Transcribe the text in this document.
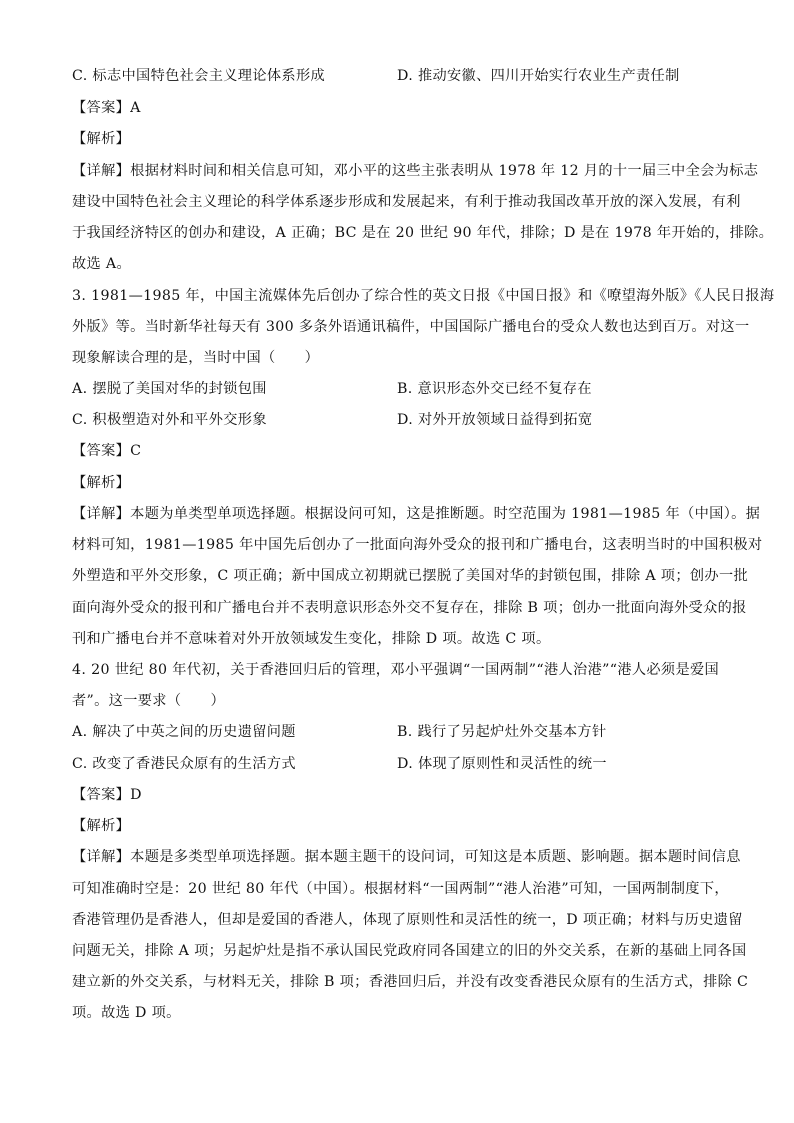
C. 标志中国特色社会主义理论体系形成	D. 推动安徽、四川开始实行农业生产责任制
【答案】A
【解析】
【详解】根据材料时间和相关信息可知，邓小平的这些主张表明从 1978 年 12 月的十一届三中全会为标志
建设中国特色社会主义理论的科学体系逐步形成和发展起来，有利于推动我国改革开放的深入发展，有利
于我国经济特区的创办和建设，A 正确；BC 是在 20 世纪 90 年代，排除；D 是在 1978 年开始的，排除。
故选 A。
3. 1981—1985 年，中国主流媒体先后创办了综合性的英文日报《中国日报》和《嘹望海外版》《人民日报海
外版》等。当时新华社每天有 300 多条外语通讯稿件，中国国际广播电台的受众人数也达到百万。对这一
现象解读合理的是，当时中国（　　）
A. 摆脱了美国对华的封锁包围	B. 意识形态外交已经不复存在
C. 积极塑造对外和平外交形象	D. 对外开放领域日益得到拓宽
【答案】C
【解析】
【详解】本题为单类型单项选择题。根据设问可知，这是推断题。时空范围为 1981—1985 年（中国）。据
材料可知，1981—1985 年中国先后创办了一批面向海外受众的报刊和广播电台，这表明当时的中国积极对
外塑造和平外交形象，C 项正确；新中国成立初期就已摆脱了美国对华的封锁包围，排除 A 项；创办一批
面向海外受众的报刊和广播电台并不表明意识形态外交不复存在，排除 B 项；创办一批面向海外受众的报
刊和广播电台并不意味着对外开放领域发生变化，排除 D 项。故选 C 项。
4. 20 世纪 80 年代初，关于香港回归后的管理，邓小平强调“一国两制”“港人治港”“港人必须是爱国
者”。这一要求（　　）
A. 解决了中英之间的历史遗留问题	B. 践行了另起炉灶外交基本方针
C. 改变了香港民众原有的生活方式	D. 体现了原则性和灵活性的统一
【答案】D
【解析】
【详解】本题是多类型单项选择题。据本题主题干的设问词，可知这是本质题、影响题。据本题时间信息
可知准确时空是：20 世纪 80 年代（中国）。根据材料“一国两制”“港人治港”可知，一国两制制度下，
香港管理仍是香港人，但却是爱国的香港人，体现了原则性和灵活性的统一，D 项正确；材料与历史遗留
问题无关，排除 A 项；另起炉灶是指不承认国民党政府同各国建立的旧的外交关系，在新的基础上同各国
建立新的外交关系，与材料无关，排除 B 项；香港回归后，并没有改变香港民众原有的生活方式，排除 C
项。故选 D 项。
